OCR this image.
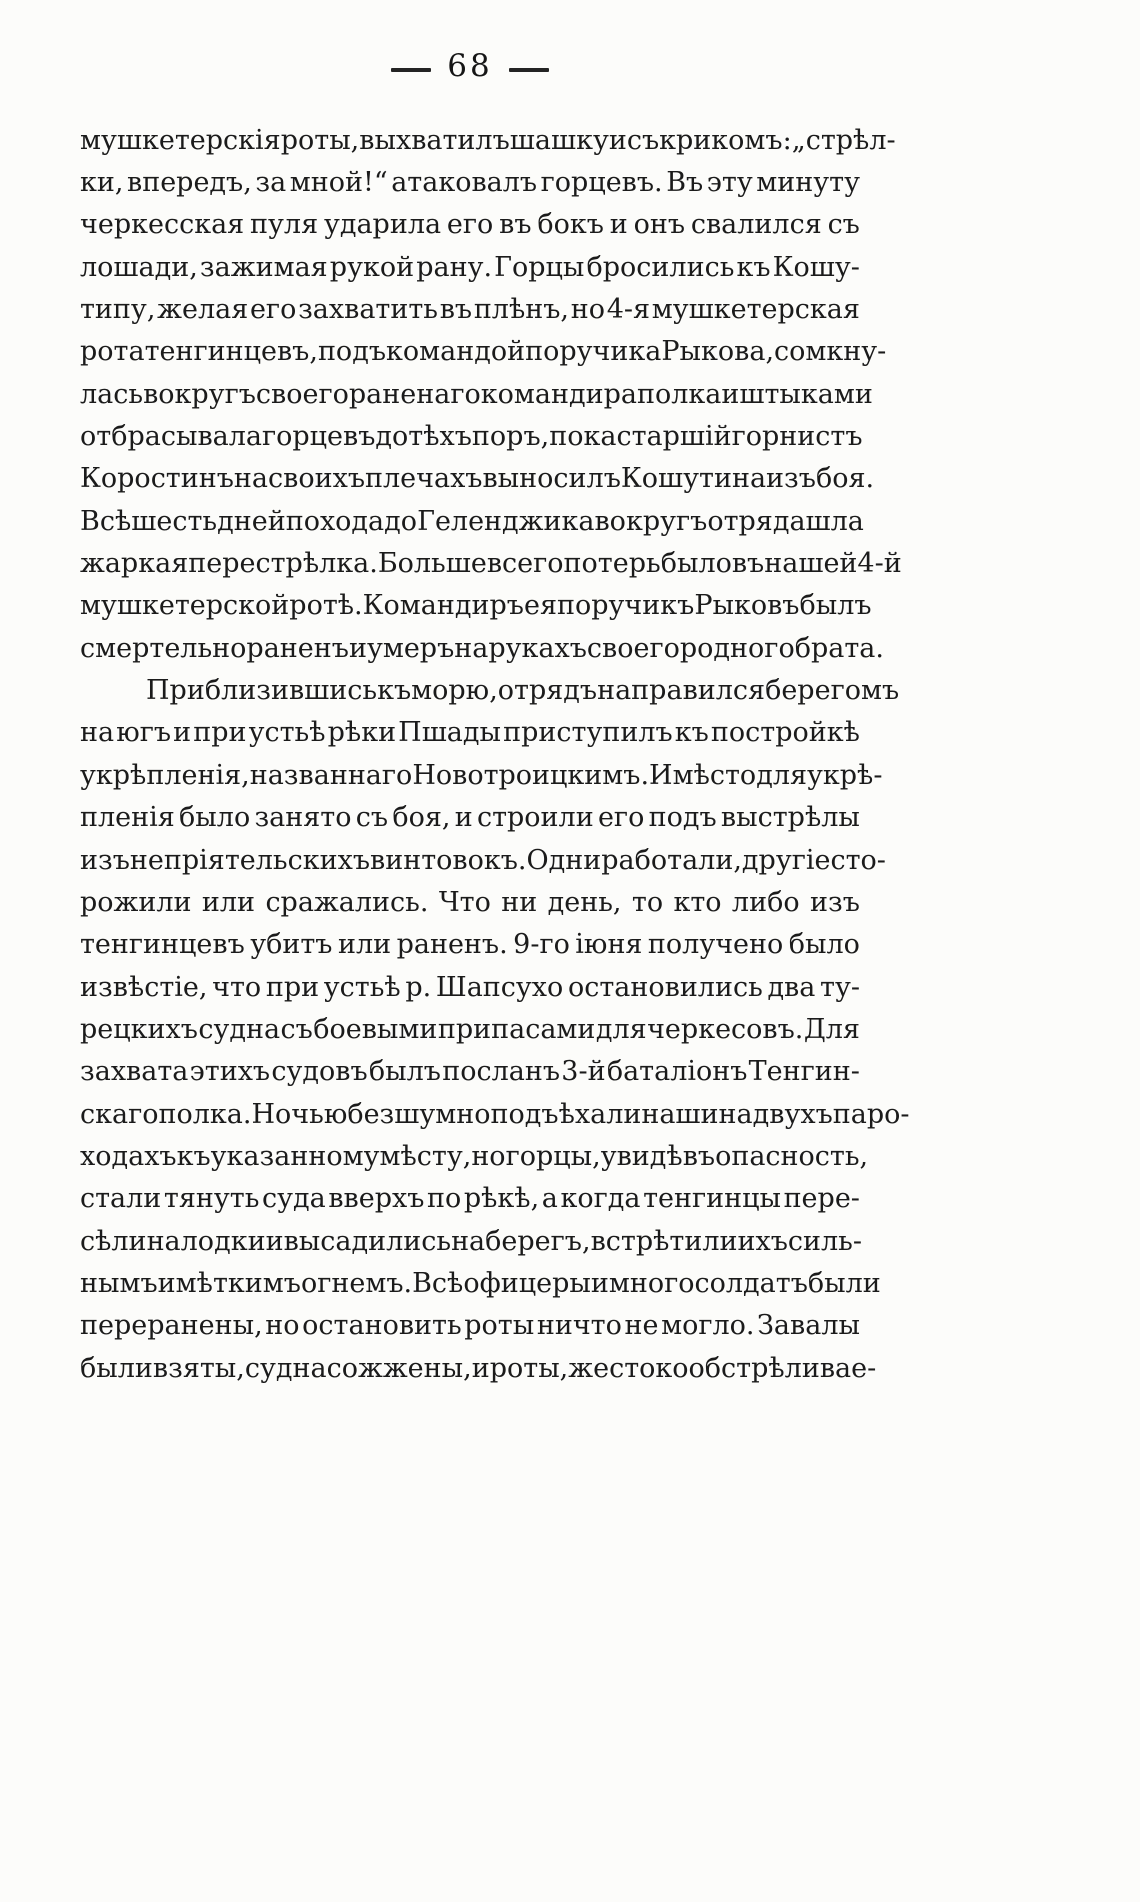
68
мушкетерскія роты, выхватилъ шашку и съ крикомъ: „стрѣл-
ки, впередъ, за мной!“ атаковалъ горцевъ. Въ эту минуту
черкесская пуля ударила его въ бокъ и онъ свалился съ
лошади, зажимая рукой рану. Горцы бросились къ Кошу-
типу, желая его захватить въ плѣнъ, но 4-я мушкетерская
рота тенгинцевъ, подъ командой поручика Рыкова, сомкну-
лась вокругъ своего раненаго командира полка и штыками
отбрасывала горцевъ до тѣхъ поръ, пока старшій горнистъ
Коростинъ на своихъ плечахъ выносилъ Кошутина изъ боя.
Всѣ шесть дней похода до Геленджика вокругъ отряда шла
жаркая перестрѣлка. Больше всего потерь было въ нашей 4-й
мушкетерской ротѣ. Командиръ ея поручикъ Рыковъ былъ
смертельно раненъ и умеръ на рукахъ своего родного брата.
Приблизившись къ морю, отрядъ направился берегомъ
на югъ и при устьѣ рѣки Пшады приступилъ къ постройкѣ
укрѣпленія, названнаго Новотроицкимъ. И мѣсто для укрѣ-
пленія было занято съ боя, и строили его подъ выстрѣлы
изъ непріятельскихъ винтовокъ. Одни работали, другіе сто-
рожили или сражались. Что ни день, то кто либо изъ
тенгинцевъ убитъ или раненъ. 9-го іюня получено было
извѣстіе, что при устьѣ р. Шапсухо остановились два ту-
рецкихъ судна съ боевыми припасами для черкесовъ. Для
захвата этихъ судовъ былъ посланъ 3-й баталіонъ Тенгин-
скаго полка. Ночью безшумно подъѣхали наши на двухъ паро-
ходахъ къ указанному мѣсту, но горцы, увидѣвъ опасность,
стали тянуть суда вверхъ по рѣкѣ, а когда тенгинцы пере-
сѣли на лодки и высадились на берегъ, встрѣтили ихъ силь-
нымъ и мѣткимъ огнемъ. Всѣ офицеры и много солдатъ были
переранены, но остановить роты ничто не могло. Завалы
были взяты, судна сожжены, и роты, жестоко обстрѣливае-
